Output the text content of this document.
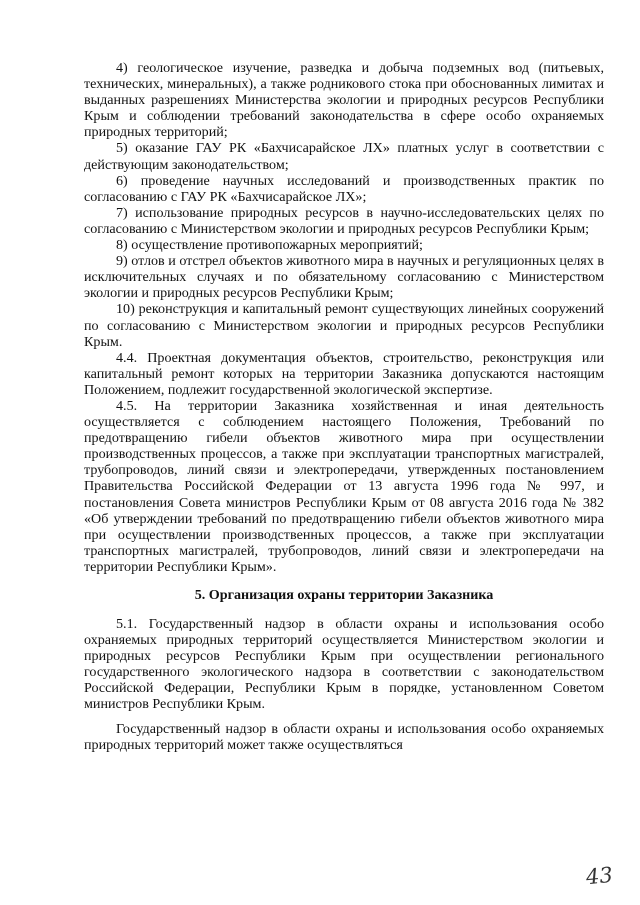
4) геологическое изучение, разведка и добыча подземных вод (питьевых, технических, минеральных), а также родникового стока при обоснованных лимитах и выданных разрешениях Министерства экологии и природных ресурсов Республики Крым и соблюдении требований законодательства в сфере особо охраняемых природных территорий;

5) оказание ГАУ РК «Бахчисарайское ЛХ» платных услуг в соответствии с действующим законодательством;

6) проведение научных исследований и производственных практик по согласованию с ГАУ РК «Бахчисарайское ЛХ»;

7) использование природных ресурсов в научно-исследовательских целях по согласованию с Министерством экологии и природных ресурсов Республики Крым;

8) осуществление противопожарных мероприятий;

9) отлов и отстрел объектов животного мира в научных и регуляционных целях в исключительных случаях и по обязательному согласованию с Министерством экологии и природных ресурсов Республики Крым;

10) реконструкция и капитальный ремонт существующих линейных сооружений по согласованию с Министерством экологии и природных ресурсов Республики Крым.

4.4. Проектная документация объектов, строительство, реконструкция или капитальный ремонт которых на территории Заказника допускаются настоящим Положением, подлежит государственной экологической экспертизе.

4.5. На территории Заказника хозяйственная и иная деятельность осуществляется с соблюдением настоящего Положения, Требований по предотвращению гибели объектов животного мира при осуществлении производственных процессов, а также при эксплуатации транспортных магистралей, трубопроводов, линий связи и электропередачи, утвержденных постановлением Правительства Российской Федерации от 13 августа 1996 года № 997, и постановления Совета министров Республики Крым от 08 августа 2016 года № 382 «Об утверждении требований по предотвращению гибели объектов животного мира при осуществлении производственных процессов, а также при эксплуатации транспортных магистралей, трубопроводов, линий связи и электропередачи на территории Республики Крым».

5. Организация охраны территории Заказника

5.1. Государственный надзор в области охраны и использования особо охраняемых природных территорий осуществляется Министерством экологии и природных ресурсов Республики Крым при осуществлении регионального государственного экологического надзора в соответствии с законодательством Российской Федерации, Республики Крым в порядке, установленном Советом министров Республики Крым.

Государственный надзор в области охраны и использования особо охраняемых природных территорий может также осуществляться

43
